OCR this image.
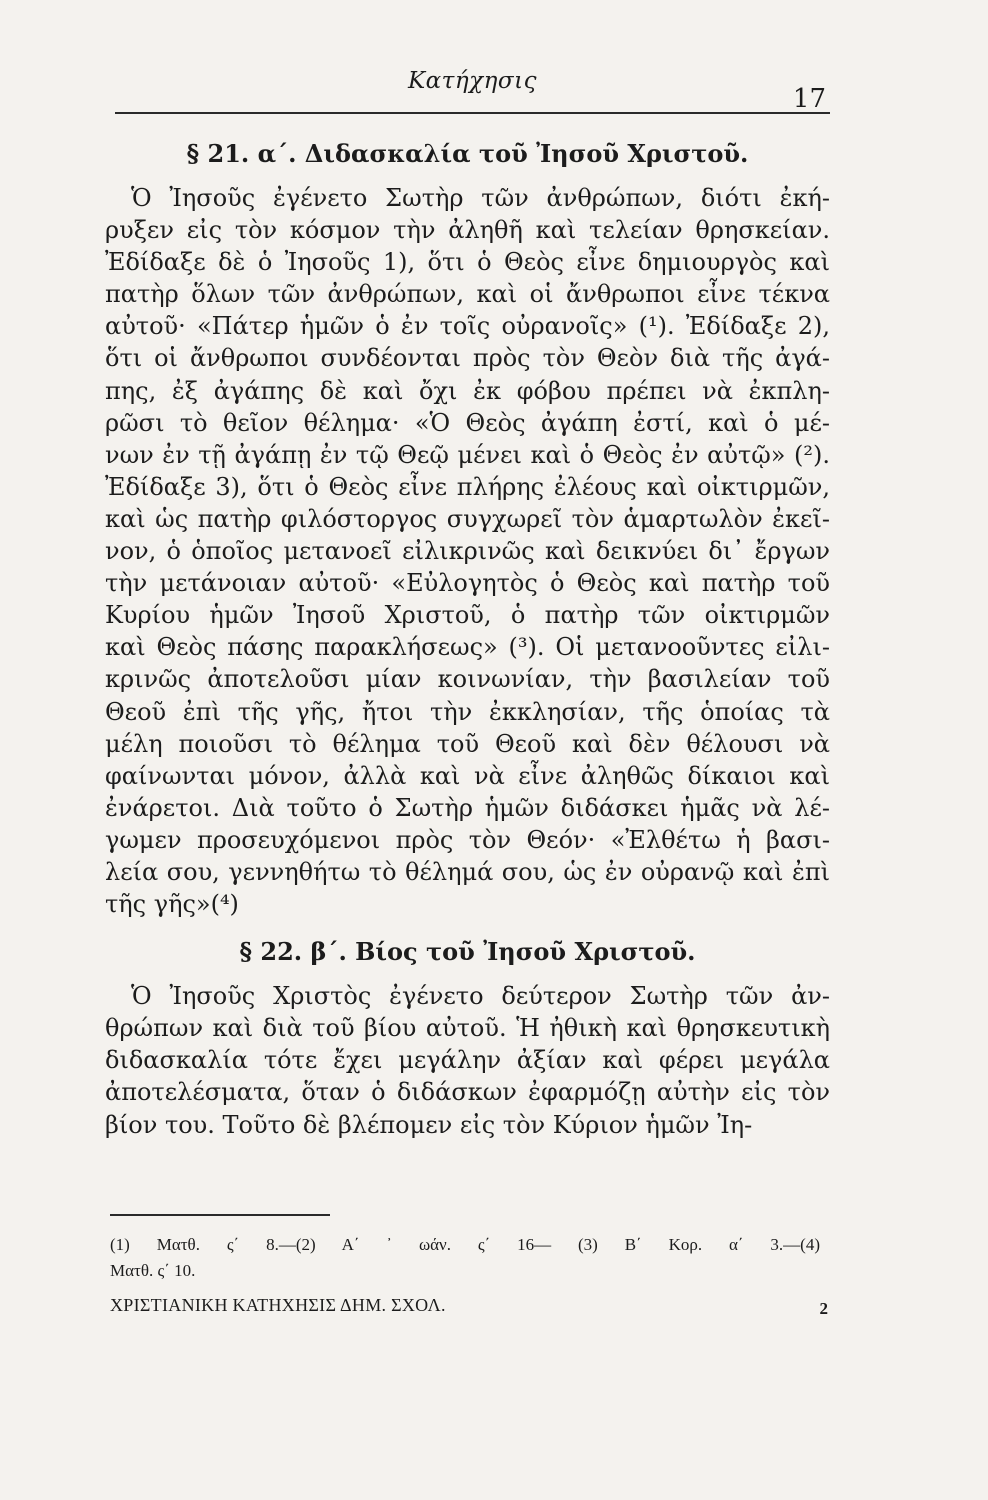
Κατήχησις
17
§ 21. α΄. Διδασκαλία τοῦ Ἰησοῦ Χριστοῦ.
Ὁ Ἰησοῦς ἐγένετο Σωτὴρ τῶν ἀνθρώπων, διότι ἐκή-
ρυξεν εἰς τὸν κόσμον τὴν ἀληθῆ καὶ τελείαν θρησκείαν.
Ἐδίδαξε δὲ ὁ Ἰησοῦς 1), ὅτι ὁ Θεὸς εἶνε δημιουργὸς καὶ
πατὴρ ὅλων τῶν ἀνθρώπων, καὶ οἱ ἄνθρωποι εἶνε τέκνα
αὐτοῦ· «Πάτερ ἡμῶν ὁ ἐν τοῖς οὐρανοῖς» (¹). Ἐδίδαξε 2),
ὅτι οἱ ἄνθρωποι συνδέονται πρὸς τὸν Θεὸν διὰ τῆς ἀγά-
πης, ἐξ ἀγάπης δὲ καὶ ὄχι ἐκ φόβου πρέπει νὰ ἐκπλη-
ρῶσι τὸ θεῖον θέλημα· «Ὁ Θεὸς ἀγάπη ἐστί, καὶ ὁ μέ-
νων ἐν τῇ ἀγάπῃ ἐν τῷ Θεῷ μένει καὶ ὁ Θεὸς ἐν αὐτῷ» (²).
Ἐδίδαξε 3), ὅτι ὁ Θεὸς εἶνε πλήρης ἐλέους καὶ οἰκτιρμῶν,
καὶ ὡς πατὴρ φιλόστοργος συγχωρεῖ τὸν ἁμαρτωλὸν ἐκεῖ-
νον, ὁ ὁποῖος μετανοεῖ εἰλικρινῶς καὶ δεικνύει δι᾽ ἔργων
τὴν μετάνοιαν αὐτοῦ· «Εὐλογητὸς ὁ Θεὸς καὶ πατὴρ τοῦ
Κυρίου ἡμῶν Ἰησοῦ Χριστοῦ, ὁ πατὴρ τῶν οἰκτιρμῶν
καὶ Θεὸς πάσης παρακλήσεως» (³). Οἱ μετανοοῦντες εἰλι-
κρινῶς ἀποτελοῦσι μίαν κοινωνίαν, τὴν βασιλείαν τοῦ
Θεοῦ ἐπὶ τῆς γῆς, ἤτοι τὴν ἐκκλησίαν, τῆς ὁποίας τὰ
μέλη ποιοῦσι τὸ θέλημα τοῦ Θεοῦ καὶ δὲν θέλουσι νὰ
φαίνωνται μόνον, ἀλλὰ καὶ νὰ εἶνε ἀληθῶς δίκαιοι καὶ
ἐνάρετοι. Διὰ τοῦτο ὁ Σωτὴρ ἡμῶν διδάσκει ἡμᾶς νὰ λέ-
γωμεν προσευχόμενοι πρὸς τὸν Θεόν· «Ἐλθέτω ἡ βασι-
λεία σου, γεννηθήτω τὸ θέλημά σου, ὡς ἐν οὐρανῷ καὶ ἐπὶ
τῆς γῆς»(⁴)
§ 22. β΄. Βίος τοῦ Ἰησοῦ Χριστοῦ.
Ὁ Ἰησοῦς Χριστὸς ἐγένετο δεύτερον Σωτὴρ τῶν ἀν-
θρώπων καὶ διὰ τοῦ βίου αὐτοῦ. Ἡ ἠθικὴ καὶ θρησκευτικὴ
διδασκαλία τότε ἔχει μεγάλην ἀξίαν καὶ φέρει μεγάλα
ἀποτελέσματα, ὅταν ὁ διδάσκων ἐφαρμόζῃ αὐτὴν εἰς τὸν
βίον του. Τοῦτο δὲ βλέπομεν εἰς τὸν Κύριον ἡμῶν Ἰη-
(1) Ματθ. ς΄ 8.—(2) Α΄ ᾽ ωάν. ς΄ 16— (3) Β΄ Κορ. α΄ 3.—(4)
Ματθ. ς΄ 10.
ΧΡΙΣΤΙΑΝΙΚΗ ΚΑΤΗΧΗΣΙΣ ΔΗΜ. ΣΧΟΛ.	2
